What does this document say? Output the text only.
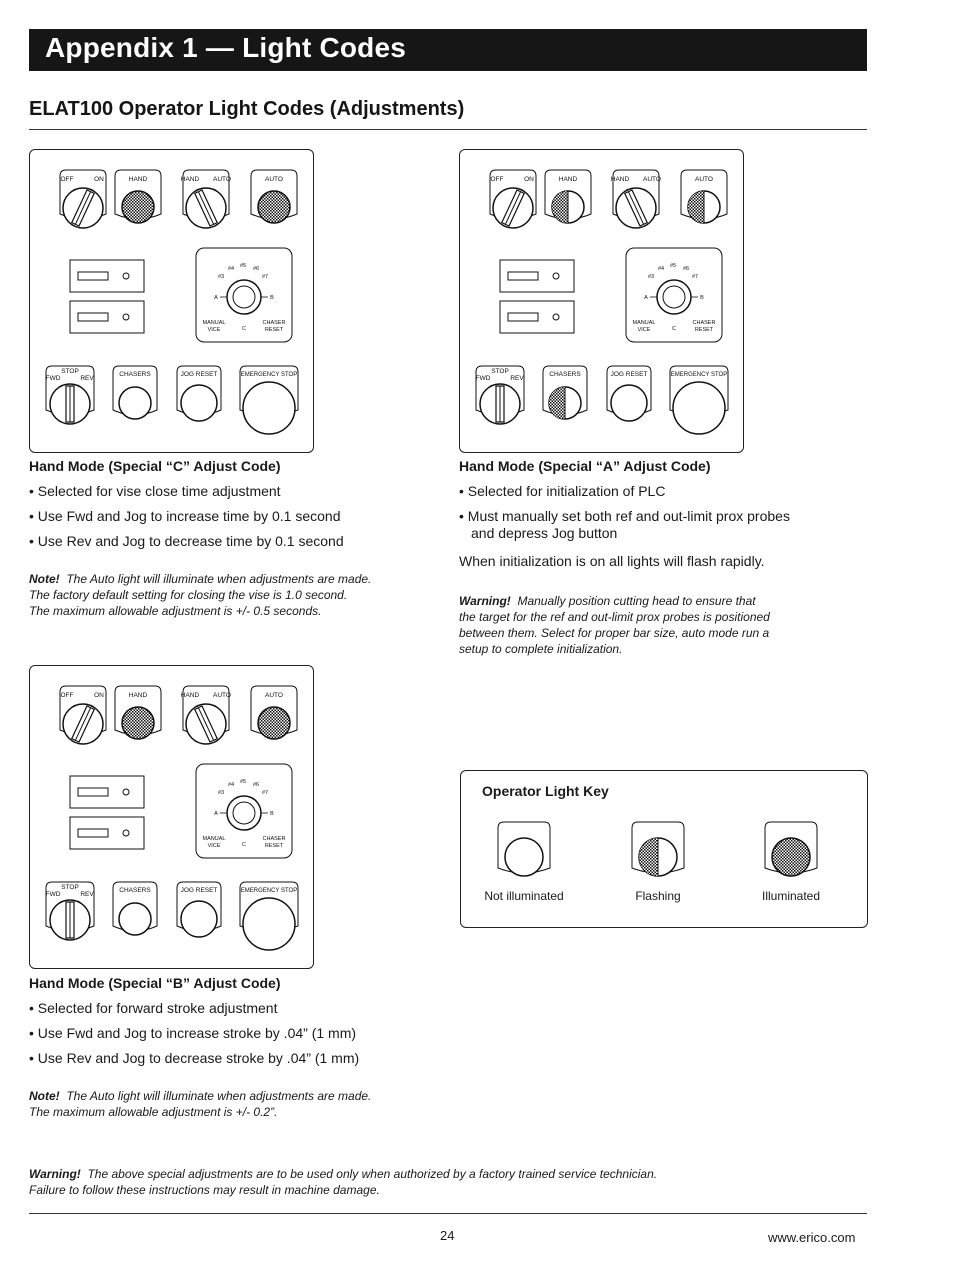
Appendix 1 — Light Codes
ELAT100 Operator Light Codes (Adjustments)
OFF	ON	HAND	HAND AUTO	AUTO
#3
#4 #5 #6
#7
A	B
MANUAL
VICE	C
CHASER
RESET
STOP
FWD	REV
CHASERS	JOG RESET	EMERGENCY STOP
OFF	ON	HAND	HAND AUTO	AUTO
#3
#4 #5 #6
#7
A	B
MANUAL
VICE	C
CHASER
RESET
STOP
FWD	REV
CHASERS	JOG RESET	EMERGENCY STOP
OFF	ON	HAND	HAND AUTO	AUTO
#3
#4 #5 #6
#7
A	B
MANUAL
VICE	C
CHASER
RESET
STOP
FWD	REV
CHASERS	JOG RESET	EMERGENCY STOP
Hand Mode (Special “C” Adjust Code)
• Selected for vise close time adjustment
• Use Fwd and Jog to increase time by 0.1 second
• Use Rev and Jog to decrease time by 0.1 second
Note! The Auto light will illuminate when adjustments are made.
The factory default setting for closing the vise is 1.0 second.
The maximum allowable adjustment is +/- 0.5 seconds.
Hand Mode (Special “A” Adjust Code)
• Selected for initialization of PLC
• Must manually set both ref and out-limit prox probes
and depress Jog button
When initialization is on all lights will flash rapidly.
Warning! Manually position cutting head to ensure that
the target for the ref and out-limit prox probes is positioned
between them. Select for proper bar size, auto mode run a
setup to complete initialization.
Operator Light Key
Not illuminated	Flashing	Illuminated
Hand Mode (Special “B” Adjust Code)
• Selected for forward stroke adjustment
• Use Fwd and Jog to increase stroke by .04” (1 mm)
• Use Rev and Jog to decrease stroke by .04” (1 mm)
Note! The Auto light will illuminate when adjustments are made.
The maximum allowable adjustment is +/- 0.2”.
Warning! The above special adjustments are to be used only when authorized by a factory trained service technician.
Failure to follow these instructions may result in machine damage.
24	www.erico.com
